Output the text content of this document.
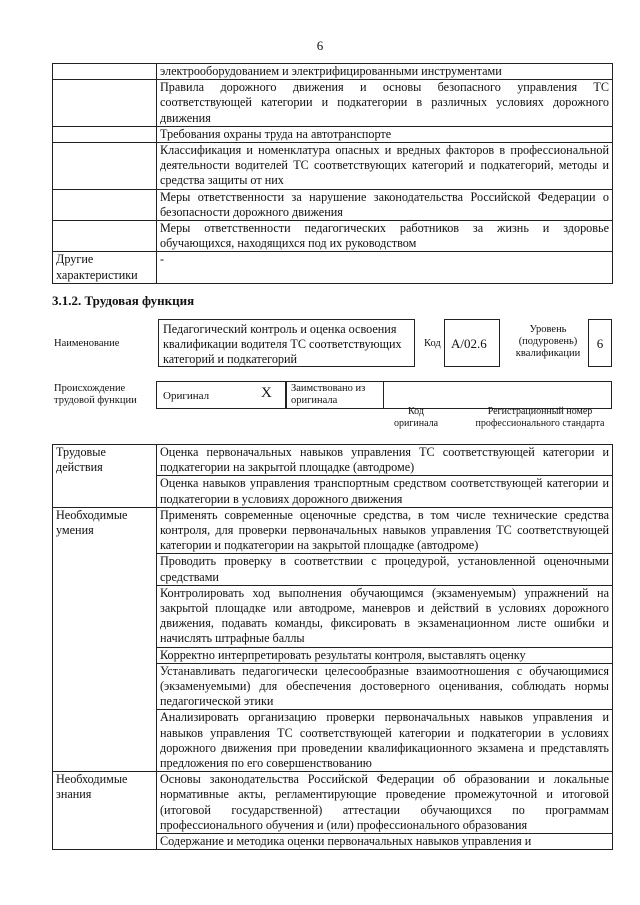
6
	электрооборудованием и электрифицированными инструментами
	Правила дорожного движения и основы безопасного управления ТС соответствующей категории и подкатегории в различных условиях дорожного движения
	Требования охраны труда на автотранспорте
	Классификация и номенклатура опасных и вредных факторов в профессиональной деятельности водителей ТС соответствующих категорий и подкатегорий, методы и средства защиты от них
	Меры ответственности за нарушение законодательства Российской Федерации о безопасности дорожного движения
	Меры ответственности педагогических работников за жизнь и здоровье обучающихся, находящихся под их руководством
Другие характеристики	-
3.1.2. Трудовая функция
Наименование
Педагогический контроль и оценка освоения квалификации водителя ТС соответствующих категорий и подкатегорий
Код А/02.6
Уровень (подуровень) квалификации
6
Происхождение трудовой функции	Оригинал	X	Заимствовано из оригинала
Код оригинала
Регистрационный номер профессионального стандарта
Трудовые действия	Оценка первоначальных навыков управления ТС соответствующей категории и подкатегории на закрытой площадке (автодроме)
	Оценка навыков управления транспортным средством соответствующей категории и подкатегории в условиях дорожного движения
Необходимые умения	Применять современные оценочные средства, в том числе технические средства контроля, для проверки первоначальных навыков управления ТС соответствующей категории и подкатегории на закрытой площадке (автодроме)
	Проводить проверку в соответствии с процедурой, установленной оценочными средствами
	Контролировать ход выполнения обучающимся (экзаменуемым) упражнений на закрытой площадке или автодроме, маневров и действий в условиях дорожного движения, подавать команды, фиксировать в экзаменационном листе ошибки и начислять штрафные баллы
	Корректно интерпретировать результаты контроля, выставлять оценку
	Устанавливать педагогически целесообразные взаимоотношения с обучающимися (экзаменуемыми) для обеспечения достоверного оценивания, соблюдать нормы педагогической этики
	Анализировать организацию проверки первоначальных навыков управления и навыков управления ТС соответствующей категории и подкатегории в условиях дорожного движения при проведении квалификационного экзамена и представлять предложения по его совершенствованию
Необходимые знания	Основы законодательства Российской Федерации об образовании и локальные нормативные акты, регламентирующие проведение промежуточной и итоговой (итоговой государственной) аттестации обучающихся по программам профессионального обучения и (или) профессионального образования
	Содержание и методика оценки первоначальных навыков управления и
